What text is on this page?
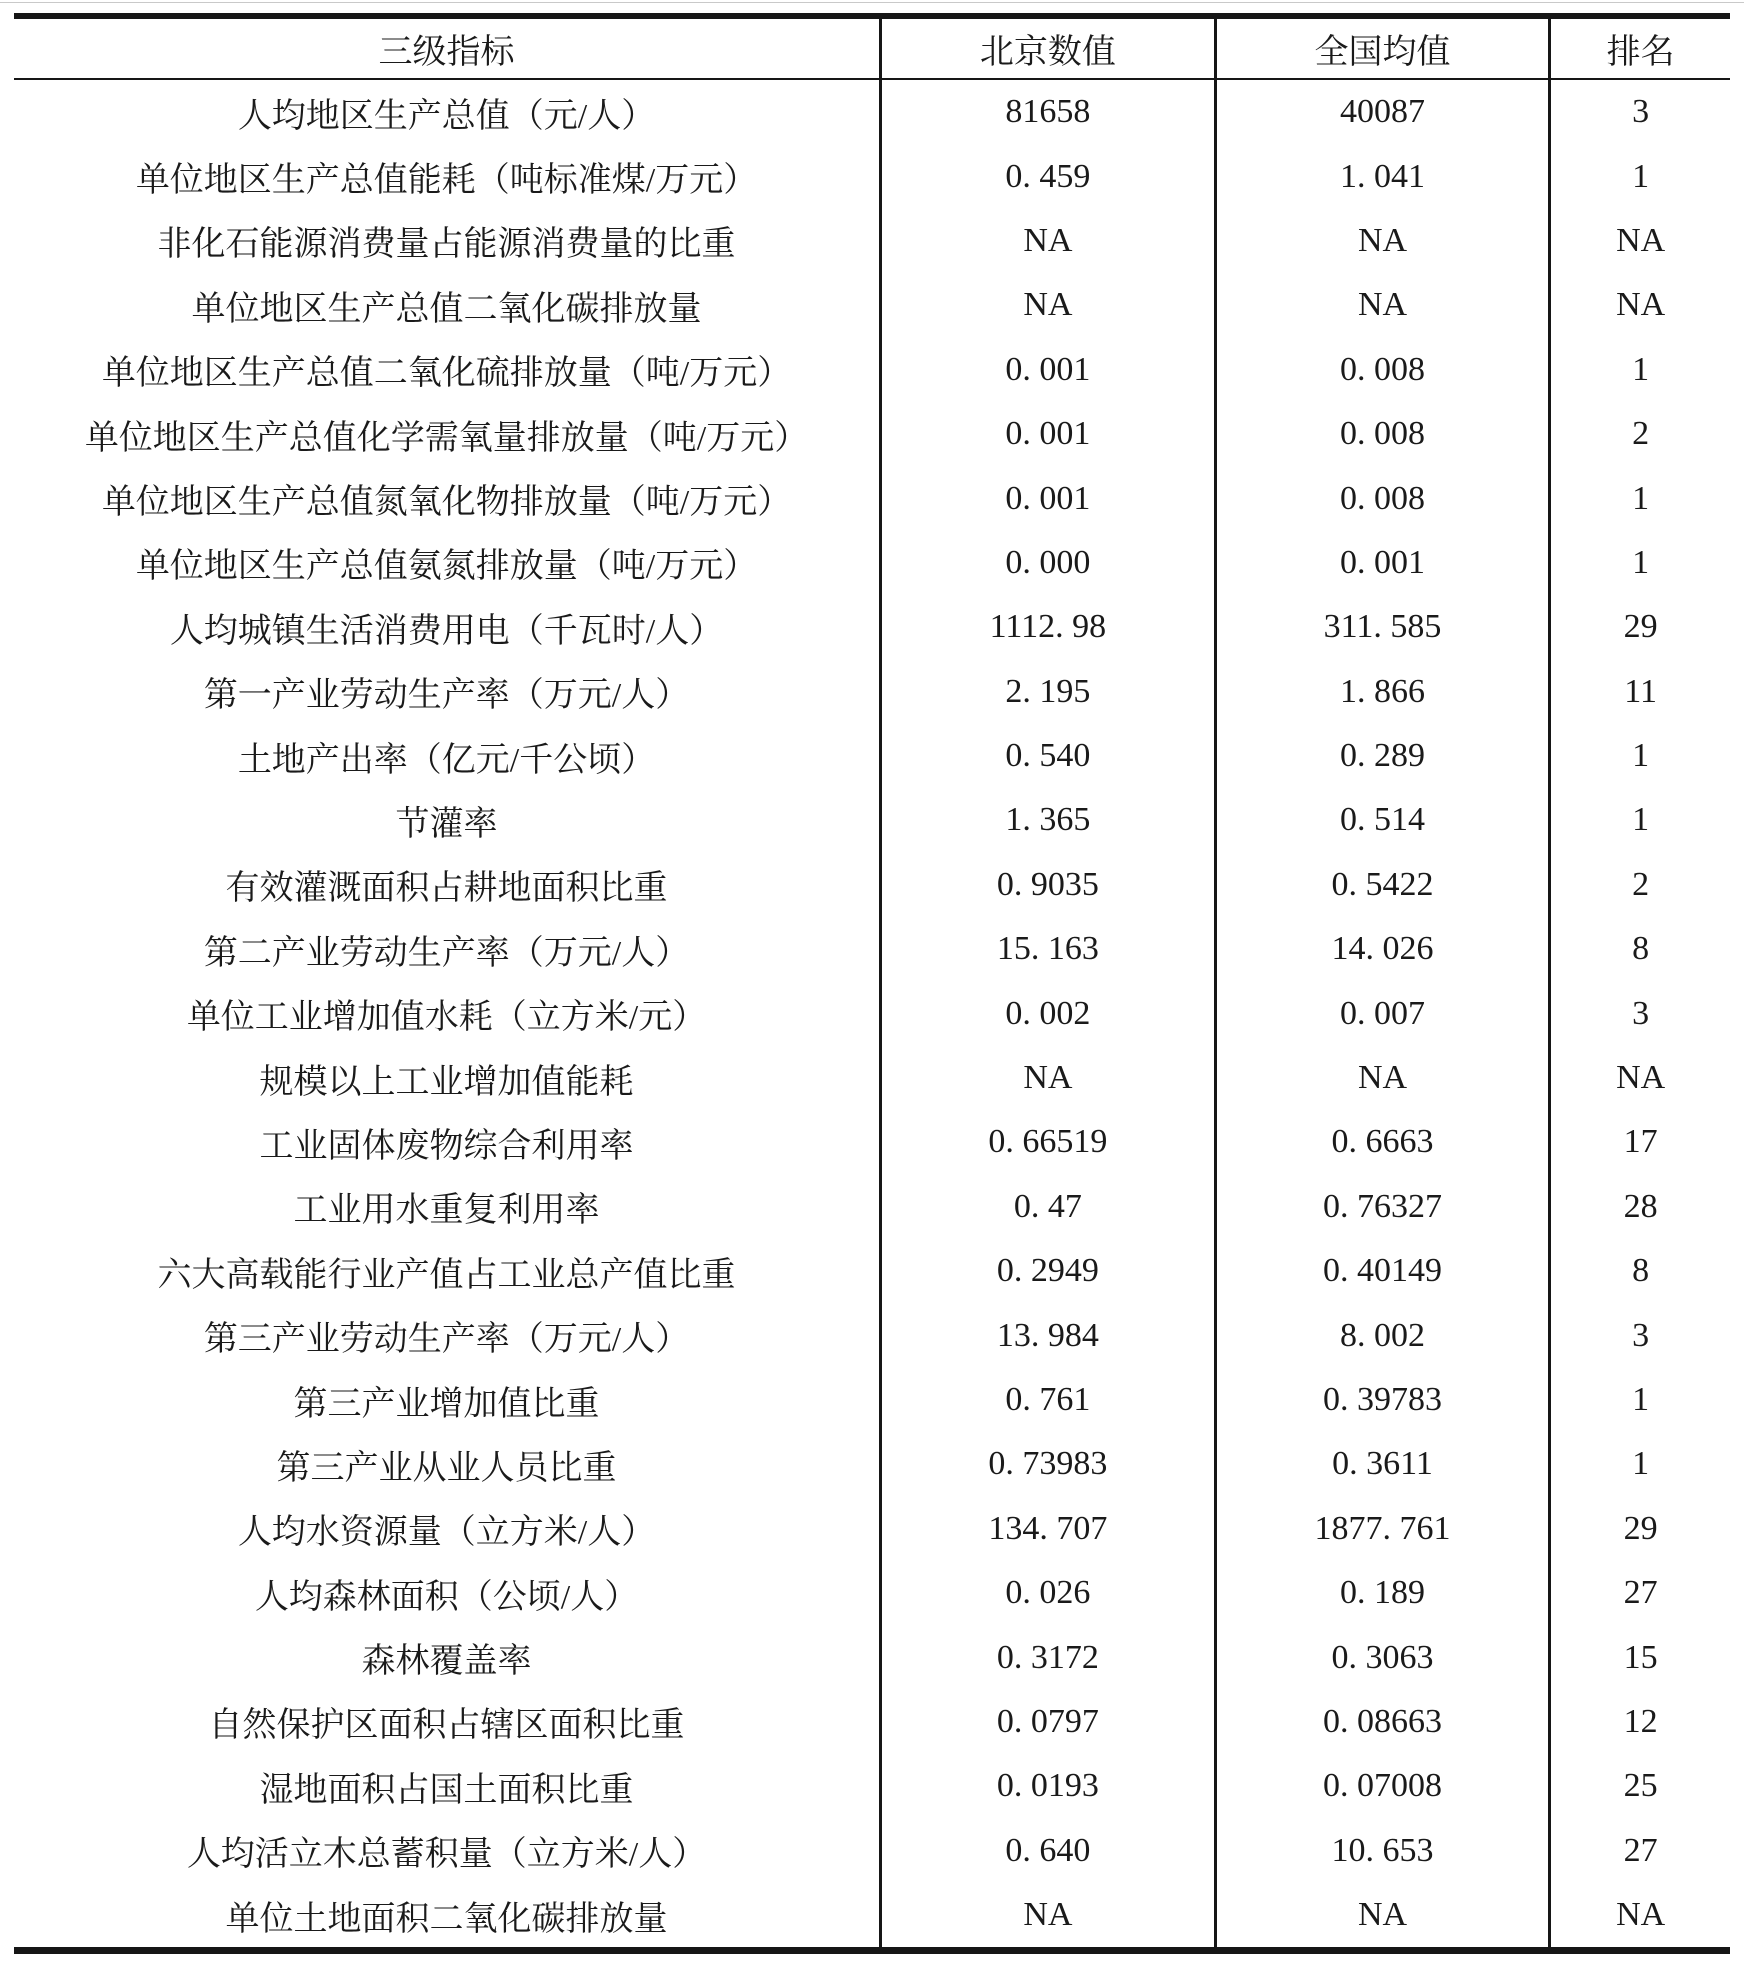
三级指标	北京数值	全国均值	排名
人均地区生产总值（元/人）	81658	40087	3
单位地区生产总值能耗（吨标准煤/万元）	0. 459	1. 041	1
非化石能源消费量占能源消费量的比重	NA	NA	NA
单位地区生产总值二氧化碳排放量	NA	NA	NA
单位地区生产总值二氧化硫排放量（吨/万元）	0. 001	0. 008	1
单位地区生产总值化学需氧量排放量（吨/万元）	0. 001	0. 008	2
单位地区生产总值氮氧化物排放量（吨/万元）	0. 001	0. 008	1
单位地区生产总值氨氮排放量（吨/万元）	0. 000	0. 001	1
人均城镇生活消费用电（千瓦时/人）	1112. 98	311. 585	29
第一产业劳动生产率（万元/人）	2. 195	1. 866	11
土地产出率（亿元/千公顷）	0. 540	0. 289	1
节灌率	1. 365	0. 514	1
有效灌溉面积占耕地面积比重	0. 9035	0. 5422	2
第二产业劳动生产率（万元/人）	15. 163	14. 026	8
单位工业增加值水耗（立方米/元）	0. 002	0. 007	3
规模以上工业增加值能耗	NA	NA	NA
工业固体废物综合利用率	0. 66519	0. 6663	17
工业用水重复利用率	0. 47	0. 76327	28
六大高载能行业产值占工业总产值比重	0. 2949	0. 40149	8
第三产业劳动生产率（万元/人）	13. 984	8. 002	3
第三产业增加值比重	0. 761	0. 39783	1
第三产业从业人员比重	0. 73983	0. 3611	1
人均水资源量（立方米/人）	134. 707	1877. 761	29
人均森林面积（公顷/人）	0. 026	0. 189	27
森林覆盖率	0. 3172	0. 3063	15
自然保护区面积占辖区面积比重	0. 0797	0. 08663	12
湿地面积占国土面积比重	0. 0193	0. 07008	25
人均活立木总蓄积量（立方米/人）	0. 640	10. 653	27
单位土地面积二氧化碳排放量	NA	NA	NA
